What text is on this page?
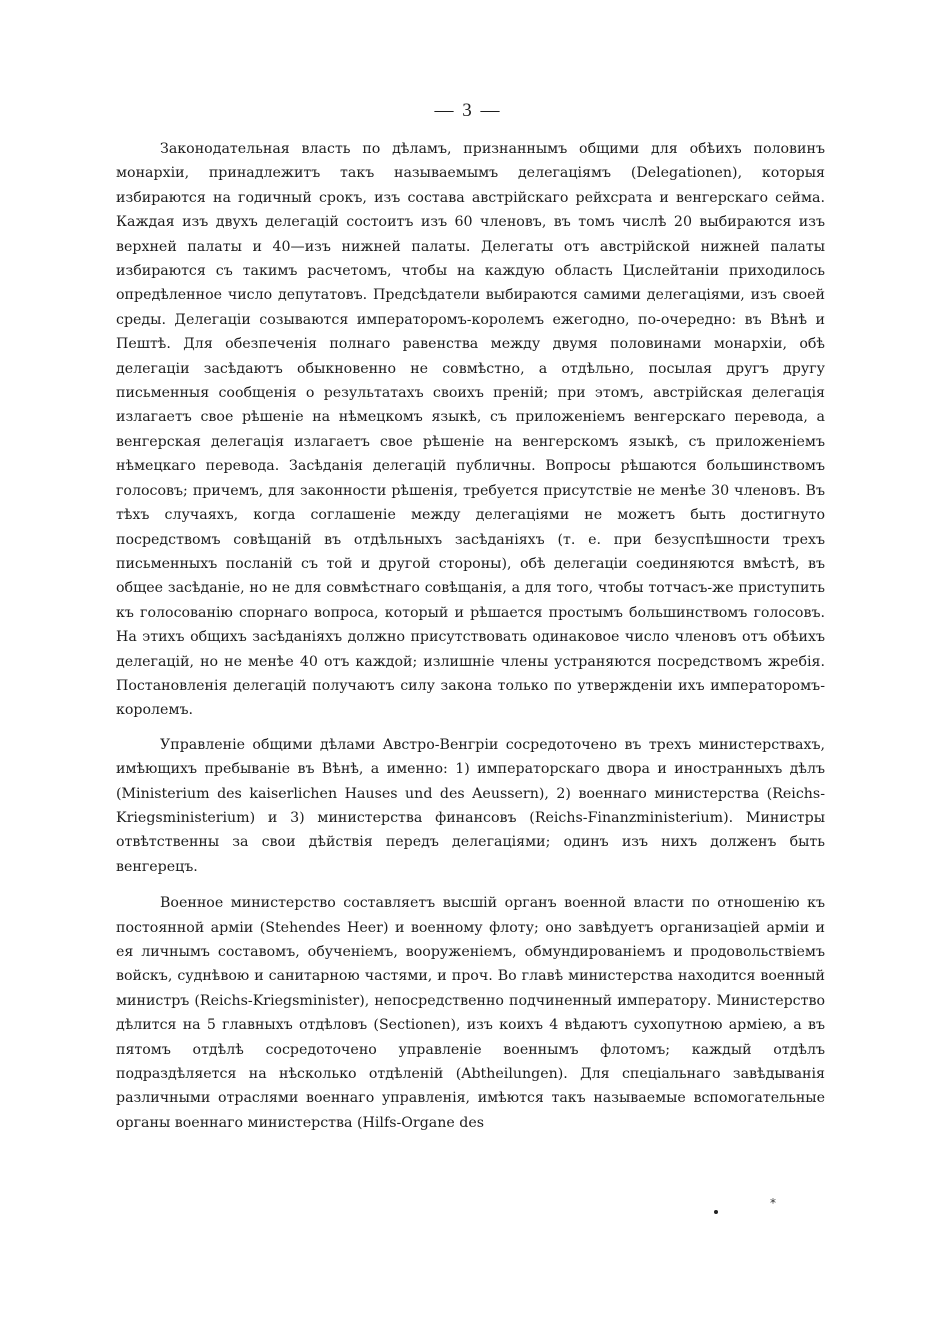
— 3 —

Законодательная власть по дѣламъ, признаннымъ общими для обѣихъ половинъ монархіи, принадлежитъ такъ называемымъ делегаціямъ (Delegationen), которыя избираются на годичный срокъ, изъ состава австрійскаго рейхсрата и венгерскаго сейма. Каждая изъ двухъ делегацій состоитъ изъ 60 членовъ, въ томъ числѣ 20 выбираются изъ верхней палаты и 40—изъ нижней палаты. Делегаты отъ австрійской нижней палаты избираются съ такимъ расчетомъ, чтобы на каждую область Цислейтаніи приходилось опредѣленное число депутатовъ. Предсѣдатели выбираются самими делегаціями, изъ своей среды. Делегаціи созываются императоромъ-королемъ ежегодно, по-очередно: въ Вѣнѣ и Пештѣ. Для обезпеченія полнаго равенства между двумя половинами монархіи, обѣ делегаціи засѣдаютъ обыкновенно не совмѣстно, а отдѣльно, посылая другъ другу письменныя сообщенія о результатахъ своихъ преній; при этомъ, австрійская делегація излагаетъ свое рѣшеніе на нѣмецкомъ языкѣ, съ приложеніемъ венгерскаго перевода, а венгерская делегація излагаетъ свое рѣшеніе на венгерскомъ языкѣ, съ приложеніемъ нѣмецкаго перевода. Засѣданія делегацій публичны. Вопросы рѣшаются большинствомъ голосовъ; причемъ, для законности рѣшенія, требуется присутствіе не менѣе 30 членовъ. Въ тѣхъ случаяхъ, когда соглашеніе между делегаціями не можетъ быть достигнуто посредствомъ совѣщаній въ отдѣльныхъ засѣданіяхъ (т. е. при безуспѣшности трехъ письменныхъ посланій съ той и другой стороны), обѣ делегаціи соединяются вмѣстѣ, въ общее засѣданіе, но не для совмѣстнаго совѣщанія, а для того, чтобы тотчасъ-же приступить къ голосованію спорнаго вопроса, который и рѣшается простымъ большинствомъ голосовъ. На этихъ общихъ засѣданіяхъ должно присутствовать одинаковое число членовъ отъ обѣихъ делегацій, но не менѣе 40 отъ каждой; излишніе члены устраняются посредствомъ жребія. Постановленія делегацій получаютъ силу закона только по утвержденіи ихъ императоромъ-королемъ.

Управленіе общими дѣлами Австро-Венгріи сосредоточено въ трехъ министерствахъ, имѣющихъ пребываніе въ Вѣнѣ, а именно: 1) императорскаго двора и иностранныхъ дѣлъ (Ministerium des kaiserlichen Hauses und des Aeussern), 2) военнаго министерства (Reichs-Kriegsministerium) и 3) министерства финансовъ (Reichs-Finanzministerium). Министры отвѣтственны за свои дѣйствія передъ делегаціями; одинъ изъ нихъ долженъ быть венгерецъ.

Военное министерство составляетъ высшій органъ военной власти по отношенію къ постоянной арміи (Stehendes Heer) и военному флоту; оно завѣдуетъ организаціей арміи и ея личнымъ составомъ, обученіемъ, вооруженіемъ, обмундированіемъ и продовольствіемъ войскъ, суднѣвою и санитарною частями, и проч. Во главѣ министерства находится военный министръ (Reichs-Kriegsminister), непосредственно подчиненный императору. Министерство дѣлится на 5 главныхъ отдѣловъ (Sectionen), изъ коихъ 4 вѣдаютъ сухопутною арміею, а въ пятомъ отдѣлѣ сосредоточено управленіе военнымъ флотомъ; каждый отдѣлъ подраздѣляется на нѣсколько отдѣленій (Abtheilungen). Для спеціальнаго завѣдыванія различными отраслями военнаго управленія, имѣются такъ называемые вспомогательные органы военнаго министерства (Hilfs-Organe des

*
